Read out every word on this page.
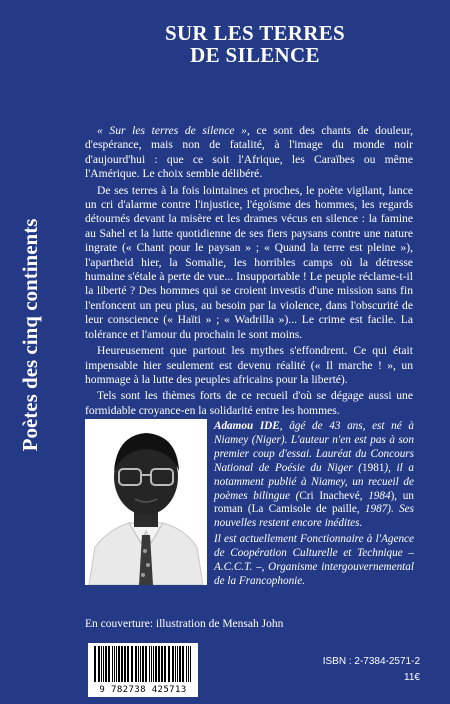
Poètes des cinq continents
SUR LES TERRES
DE SILENCE

« Sur les terres de silence », ce sont des chants de douleur, d'espérance, mais non de fatalité, à l'image du monde noir d'aujourd'hui : que ce soit l'Afrique, les Caraïbes ou même l'Amérique. Le choix semble délibéré.

De ses terres à la fois lointaines et proches, le poète vigilant, lance un cri d'alarme contre l'injustice, l'égoïsme des hommes, les regards détournés devant la misère et les drames vécus en silence : la famine au Sahel et la lutte quotidienne de ses fiers paysans contre une nature ingrate (« Chant pour le paysan » ; « Quand la terre est pleine »), l'apartheid hier, la Somalie, les horribles camps où la détresse humaine s'étale à perte de vue... Insupportable ! Le peuple réclame-t-il la liberté ? Des hommes qui se croient investis d'une mission sans fin l'enfoncent un peu plus, au besoin par la violence, dans l'obscurité de leur conscience (« Haïti » ; « Wadrilla »)... Le crime est facile. La tolérance et l'amour du prochain le sont moins.

Heureusement que partout les mythes s'effondrent. Ce qui était impensable hier seulement est devenu réalité (« Il marche ! », un hommage à la lutte des peuples africains pour la liberté).

Tels sont les thèmes forts de ce recueil d'où se dégage aussi une formidable croyance-en la solidarité entre les hommes.

Adamou IDE, âgé de 43 ans, est né à Niamey (Niger). L'auteur n'en est pas à son premier coup d'essai. Lauréat du Concours National de Poésie du Niger (1981), il a notamment publié à Niamey, un recueil de poèmes bilingue (Cri Inachevé, 1984), un roman (La Camisole de paille, 1987). Ses nouvelles restent encore inédites.

Il est actuellement Fonctionnaire à l'Agence de Coopération Culturelle et Technique – A.C.C.T. –, Organisme intergouvernemental de la Francophonie.

En couverture: illustration de Mensah John
9 782738 425713
ISBN : 2-7384-2571-2
11€
